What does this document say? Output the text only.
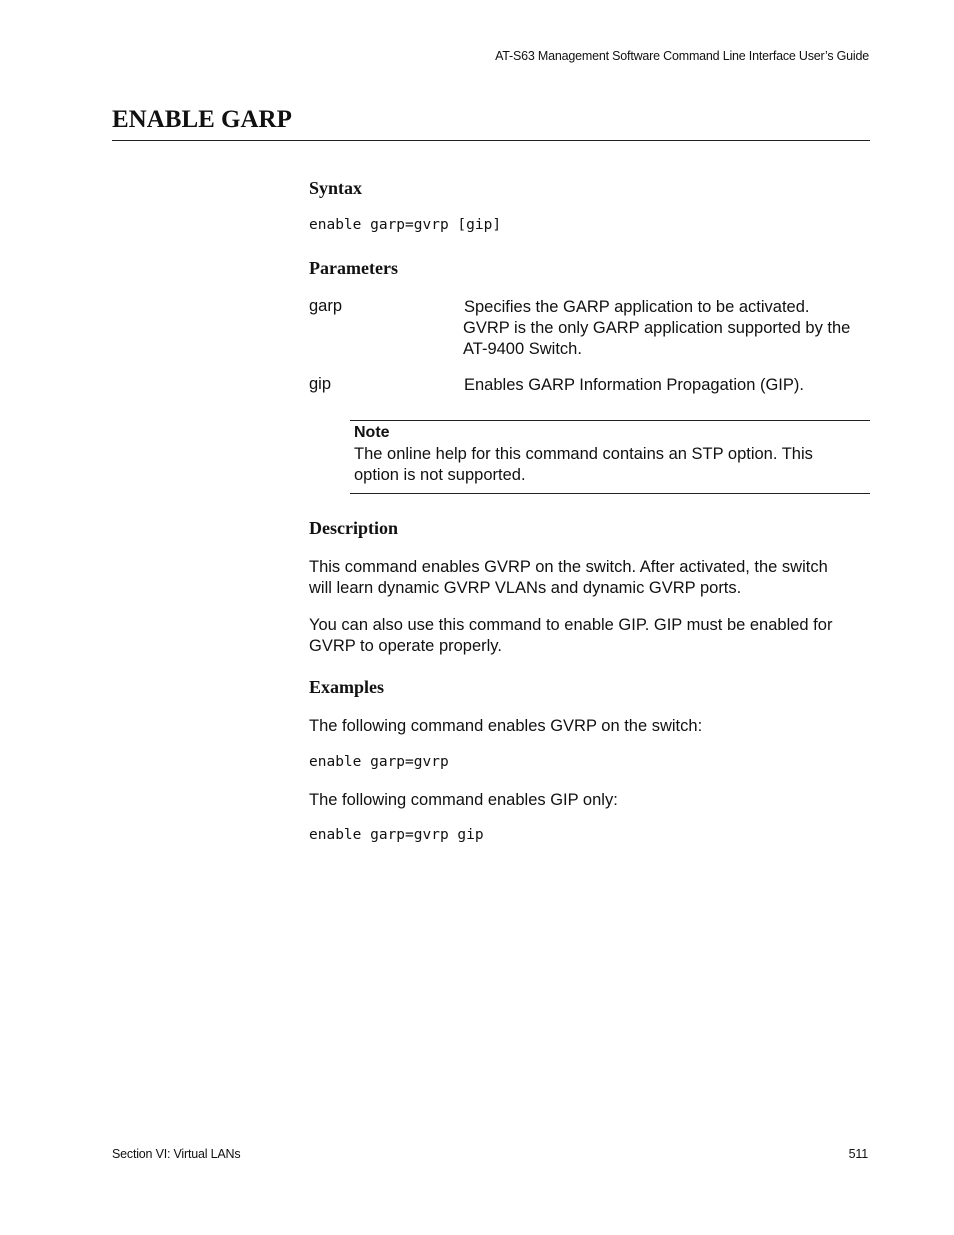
AT-S63 Management Software Command Line Interface User’s Guide
ENABLE GARP
Syntax
enable garp=gvrp [gip]
Parameters
garp	Specifies the GARP application to be activated.
GVRP is the only GARP application supported by the
AT-9400 Switch.
gip	Enables GARP Information Propagation (GIP).
Note
The online help for this command contains an STP option. This
option is not supported.
Description
This command enables GVRP on the switch. After activated, the switch
will learn dynamic GVRP VLANs and dynamic GVRP ports.
You can also use this command to enable GIP. GIP must be enabled for
GVRP to operate properly.
Examples
The following command enables GVRP on the switch:
enable garp=gvrp
The following command enables GIP only:
enable garp=gvrp gip
Section VI: Virtual LANs	511
